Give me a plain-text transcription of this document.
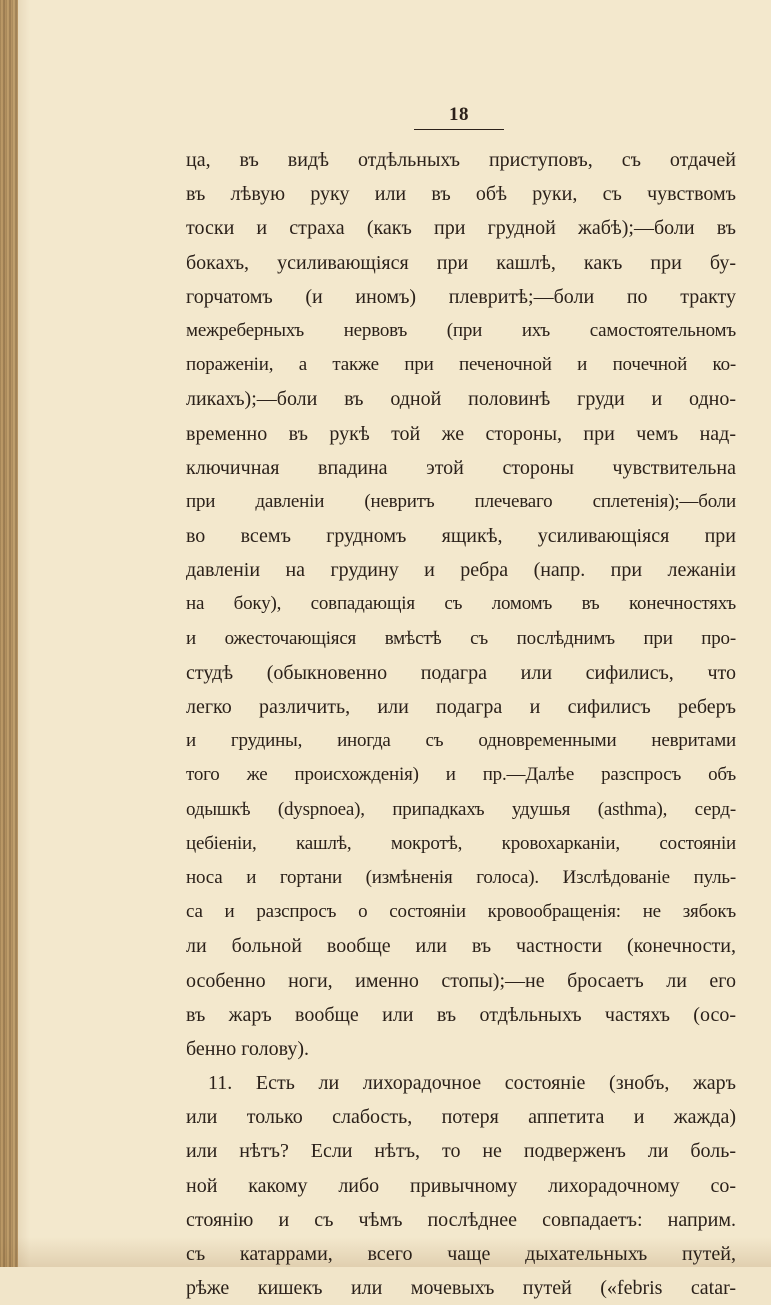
18
ца, въ видѣ отдѣльныхъ приступовъ, съ отдачей
въ лѣвую руку или въ обѣ руки, съ чувствомъ
тоски и страха (какъ при грудной жабѣ);—боли въ
бокахъ, усиливающіяся при кашлѣ, какъ при бу-
горчатомъ (и иномъ) плевритѣ;—боли по тракту
межреберныхъ нервовъ (при ихъ самостоятельномъ
пораженіи, а также при печеночной и почечной ко-
ликахъ);—боли въ одной половинѣ груди и одно-
временно въ рукѣ той же стороны, при чемъ над-
ключичная впадина этой стороны чувствительна
при давленіи (невритъ плечеваго сплетенія);—боли
во всемъ грудномъ ящикѣ, усиливающіяся при
давленіи на грудину и ребра (напр. при лежаніи
на боку), совпадающія съ ломомъ въ конечностяхъ
и ожесточающіяся вмѣстѣ съ послѣднимъ при про-
студѣ (обыкновенно подагра или сифилисъ, что
легко различить, или подагра и сифилисъ реберъ
и грудины, иногда съ одновременными невритами
того же происхожденія) и пр.—Далѣе разспросъ объ
одышкѣ (dyspnoea), припадкахъ удушья (asthma), серд-
цебіеніи, кашлѣ, мокротѣ, кровохарканіи, состояніи
носа и гортани (измѣненія голоса). Изслѣдованіе пуль-
са и разспросъ о состояніи кровообращенія: не зябокъ
ли больной вообще или въ частности (конечности,
особенно ноги, именно стопы);—не бросаетъ ли его
въ жаръ вообще или въ отдѣльныхъ частяхъ (осо-
бенно голову).
11. Есть ли лихорадочное состояніе (знобъ, жаръ
или только слабость, потеря аппетита и жажда)
или нѣтъ? Если нѣтъ, то не подверженъ ли боль-
ной какому либо привычному лихорадочному со-
стоянію и съ чѣмъ послѣднее совпадаетъ: наприм.
съ катаррами, всего чаще дыхательныхъ путей,
рѣже кишекъ или мочевыхъ путей («febris catar-
